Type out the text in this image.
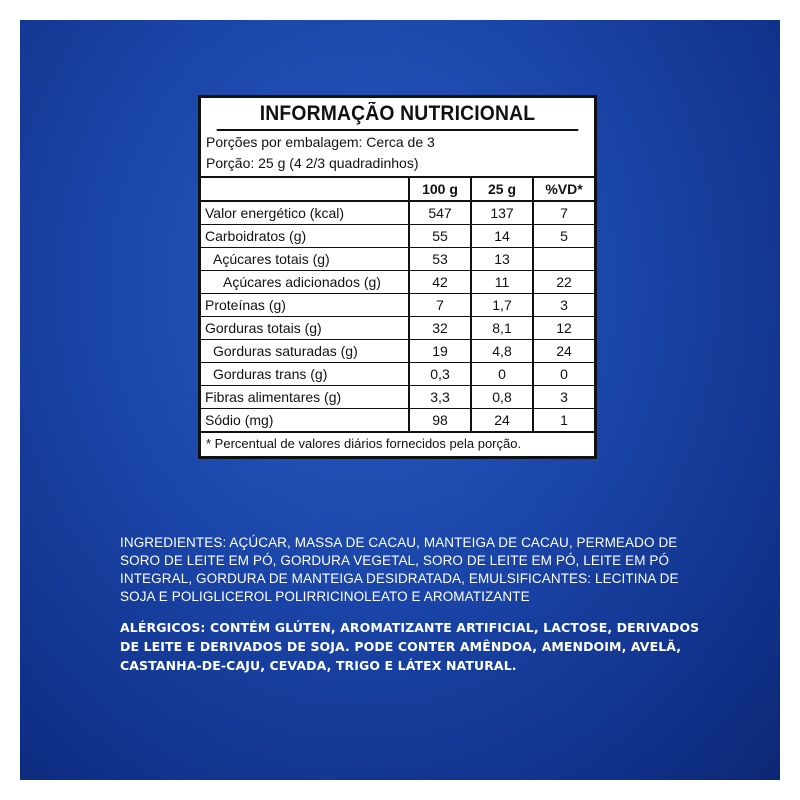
INFORMAÇÃO NUTRICIONAL
Porções por embalagem: Cerca de 3
Porção: 25 g (4 2/3 quadradinhos)
	100 g	25 g	%VD*
Valor energético (kcal)	547	137	7
Carboidratos (g)	55	14	5
Açúcares totais (g)	53	13	
Açúcares adicionados (g)	42	11	22
Proteínas (g)	7	1,7	3
Gorduras totais (g)	32	8,1	12
Gorduras saturadas (g)	19	4,8	24
Gorduras trans (g)	0,3	0	0
Fibras alimentares (g)	3,3	0,8	3
Sódio (mg)	98	24	1
* Percentual de valores diários fornecidos pela porção.
INGREDIENTES: AÇÚCAR, MASSA DE CACAU, MANTEIGA DE CACAU, PERMEADO DE SORO DE LEITE EM PÓ, GORDURA VEGETAL, SORO DE LEITE EM PÓ, LEITE EM PÓ INTEGRAL, GORDURA DE MANTEIGA DESIDRATADA, EMULSIFICANTES: LECITINA DE SOJA E POLIGLICEROL POLIRRICINOLEATO E AROMATIZANTE
ALÉRGICOS: CONTÉM GLÚTEN, AROMATIZANTE ARTIFICIAL, LACTOSE, DERIVADOS DE LEITE E DERIVADOS DE SOJA. PODE CONTER AMÊNDOA, AMENDOIM, AVELÃ, CASTANHA-DE-CAJU, CEVADA, TRIGO E LÁTEX NATURAL.
